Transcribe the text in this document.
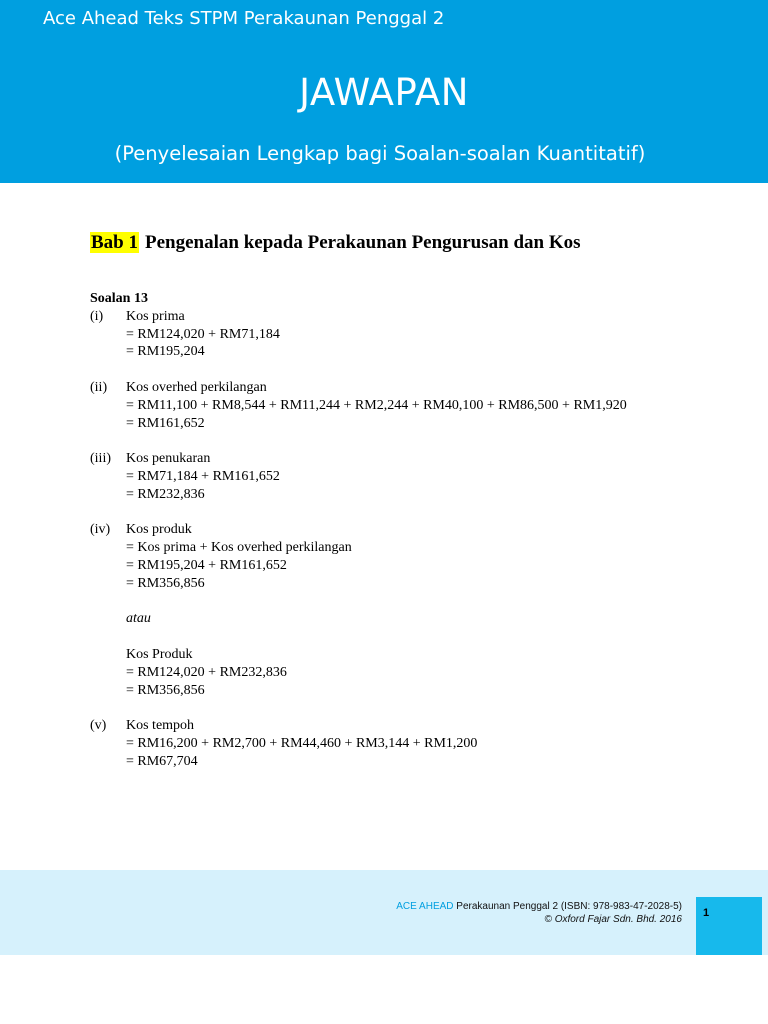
Ace Ahead Teks STPM Perakaunan Penggal 2
JAWAPAN
(Penyelesaian Lengkap bagi Soalan-soalan Kuantitatif)
Bab 1 Pengenalan kepada Perakaunan Pengurusan dan Kos
Soalan 13
(i)	Kos prima
= RM124,020 + RM71,184
= RM195,204
(ii)	Kos overhed perkilangan
= RM11,100 + RM8,544 + RM11,244 + RM2,244 + RM40,100 + RM86,500 + RM1,920
= RM161,652
(iii)	Kos penukaran
= RM71,184 + RM161,652
= RM232,836
(iv)	Kos produk
= Kos prima + Kos overhed perkilangan
= RM195,204 + RM161,652
= RM356,856
atau
Kos Produk
= RM124,020 + RM232,836
= RM356,856
(v)	Kos tempoh
= RM16,200 + RM2,700 + RM44,460 + RM3,144 + RM1,200
= RM67,704
ACE AHEAD Perakaunan Penggal 2 (ISBN: 978-983-47-2028-5)
© Oxford Fajar Sdn. Bhd. 2016
1
